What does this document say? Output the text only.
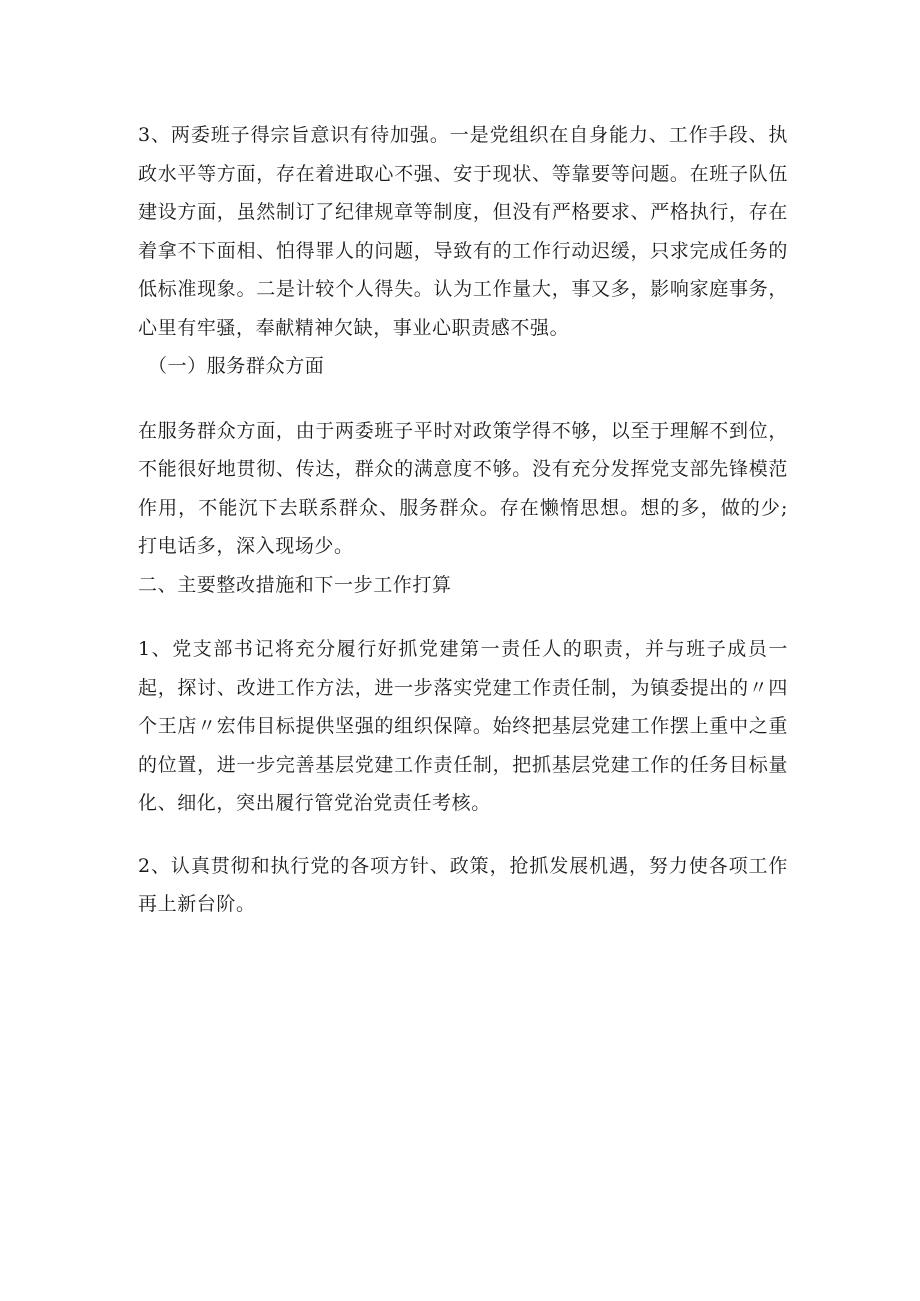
3、两委班子得宗旨意识有待加强。一是党组织在自身能力、工作手段、执政水平等方面，存在着进取心不强、安于现状、等靠要等问题。在班子队伍建设方面，虽然制订了纪律规章等制度，但没有严格要求、严格执行，存在着拿不下面相、怕得罪人的问题，导致有的工作行动迟缓，只求完成任务的低标准现象。二是计较个人得失。认为工作量大，事又多，影响家庭事务，心里有牢骚，奉献精神欠缺，事业心职责感不强。

（一）服务群众方面

在服务群众方面，由于两委班子平时对政策学得不够，以至于理解不到位，不能很好地贯彻、传达，群众的满意度不够。没有充分发挥党支部先锋模范作用，不能沉下去联系群众、服务群众。存在懒惰思想。想的多，做的少;打电话多，深入现场少。

二、主要整改措施和下一步工作打算

1、党支部书记将充分履行好抓党建第一责任人的职责，并与班子成员一起，探讨、改进工作方法，进一步落实党建工作责任制，为镇委提出的〃四个王店〃宏伟目标提供坚强的组织保障。始终把基层党建工作摆上重中之重的位置，进一步完善基层党建工作责任制，把抓基层党建工作的任务目标量化、细化，突出履行管党治党责任考核。

2、认真贯彻和执行党的各项方针、政策，抢抓发展机遇，努力使各项工作再上新台阶。
